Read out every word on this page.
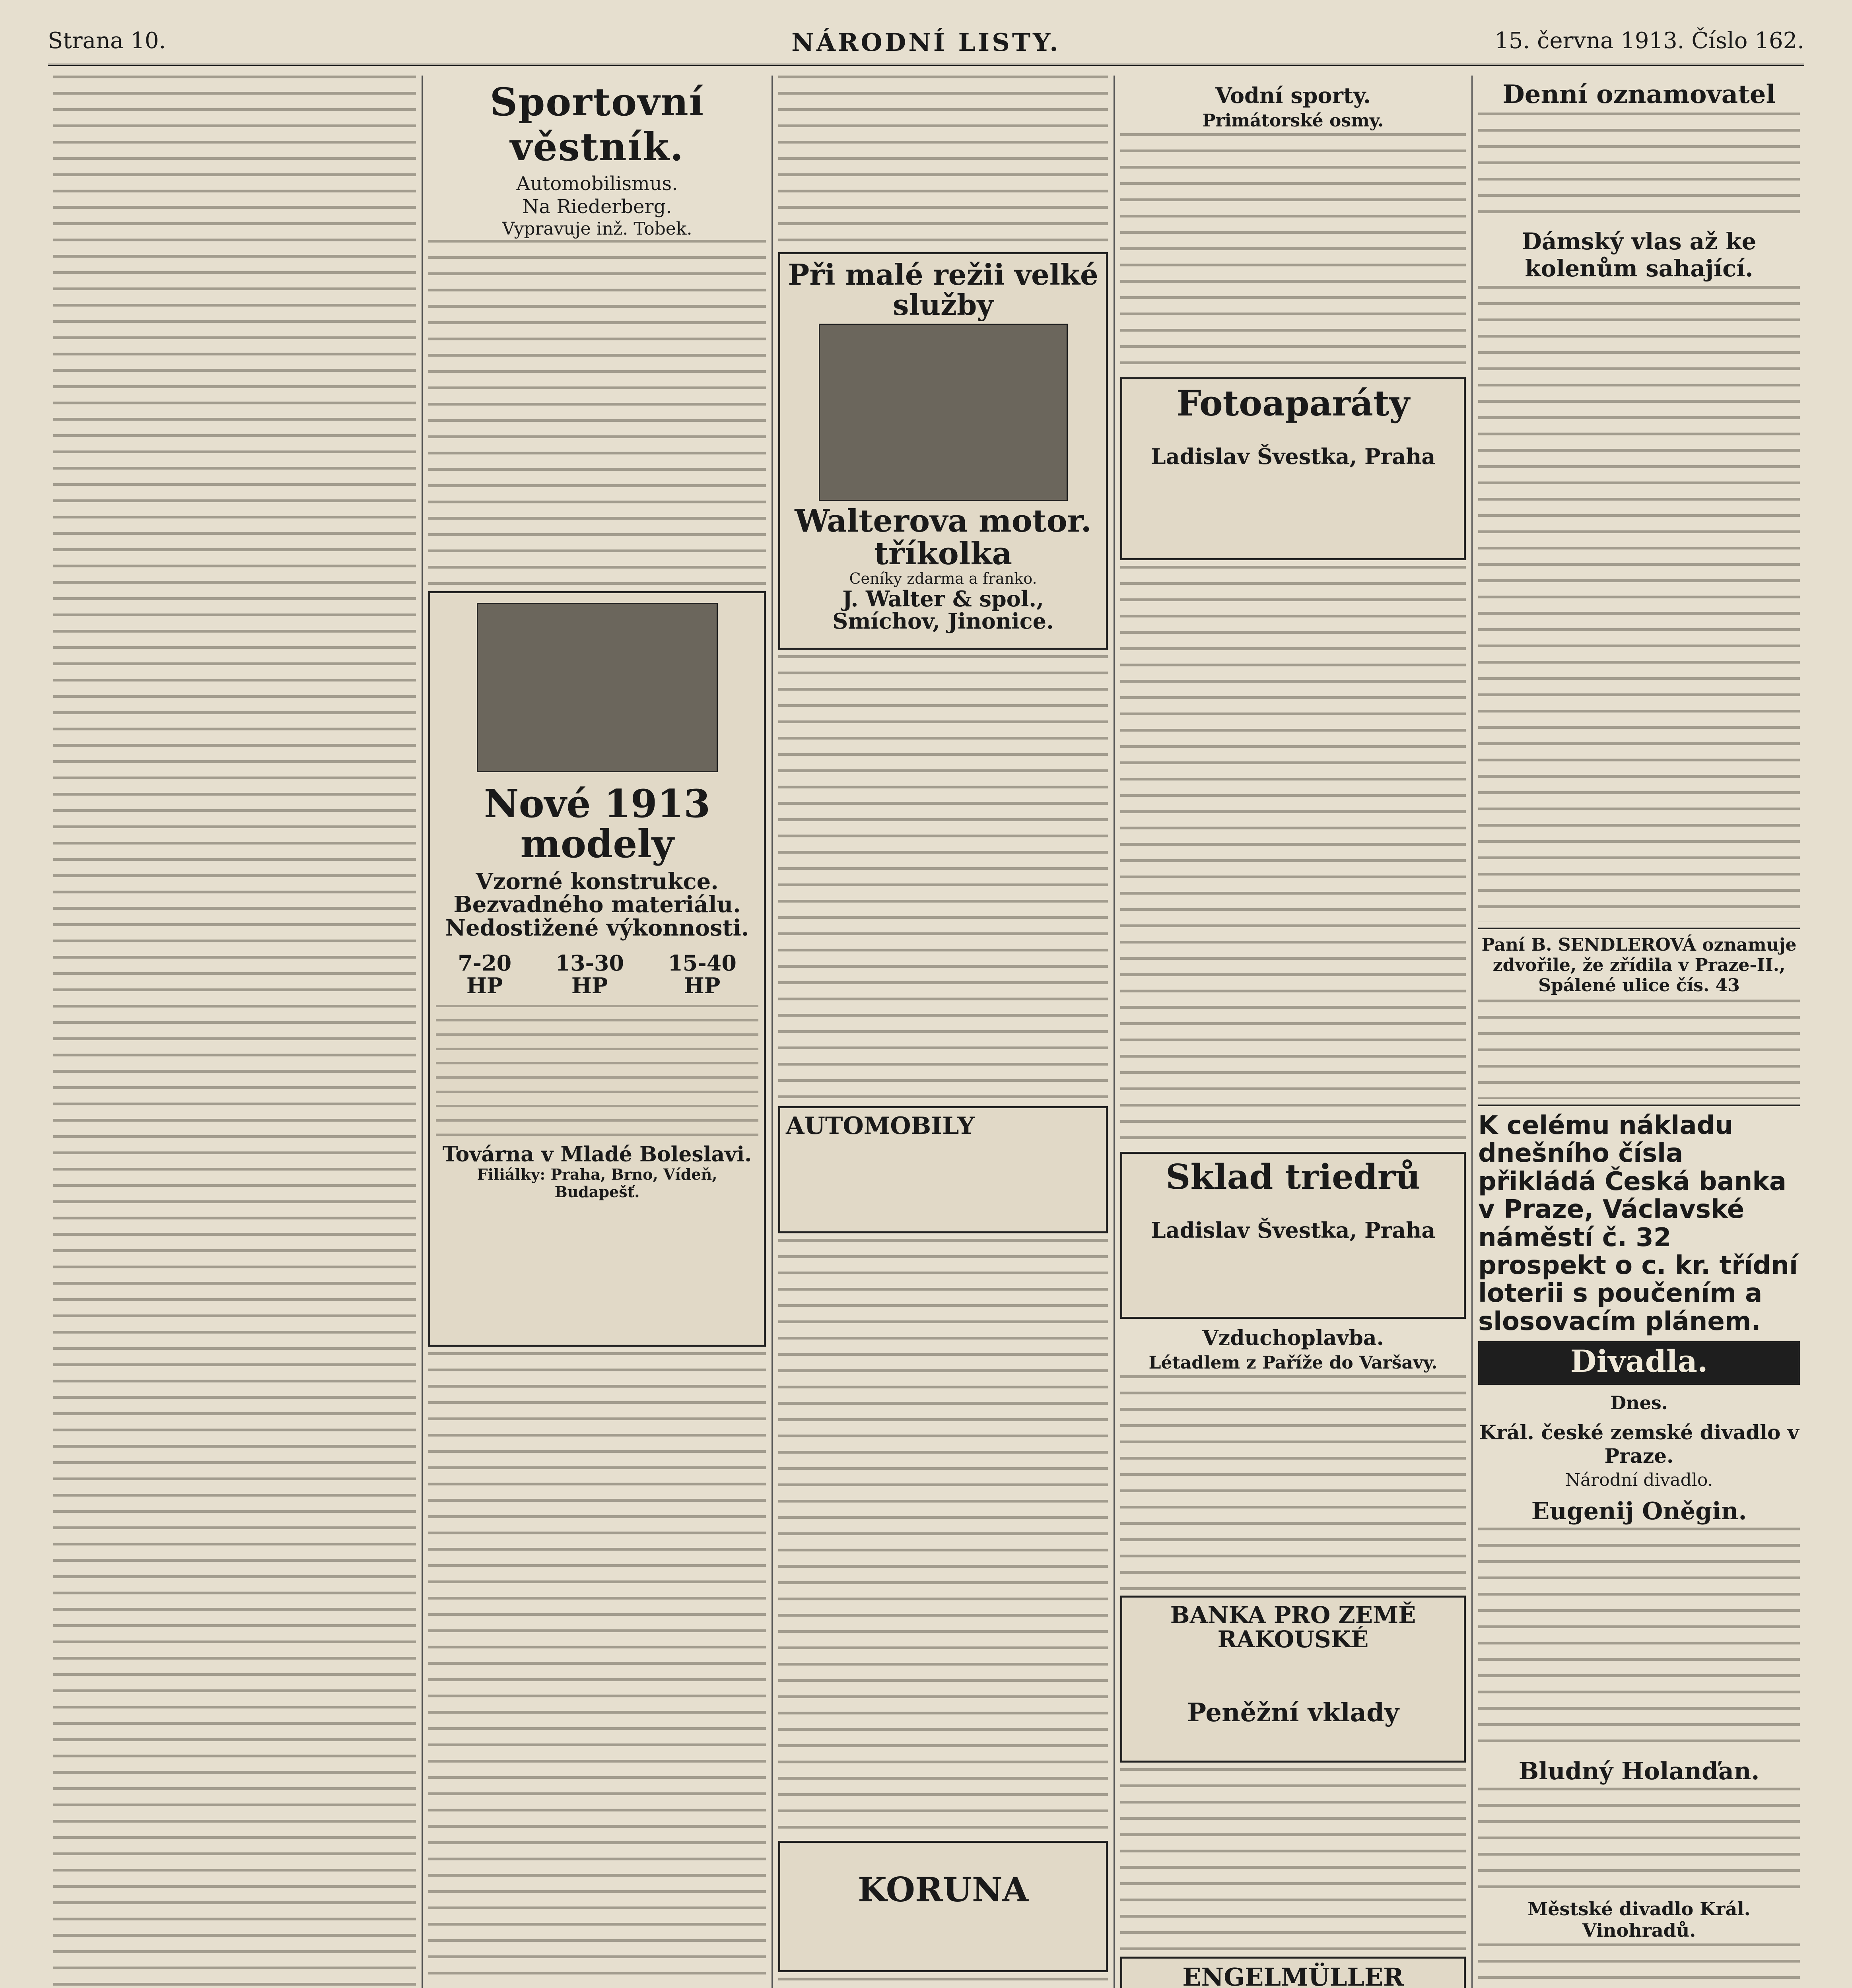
Strana 10.	NÁRODNÍ LISTY.	15. června 1913. Číslo 162.
Sportovní věstník.
Automobilismus.
Na Riederberg.
Vypravuje inž. Tobek.
Nové 1913 modely
Vzorné konstrukce.
Bezvadného materiálu.
Nedostižené výkonnosti.
7-20 HP
13-30 HP
15-40 HP
Továrna v Mladé Boleslavi.
Filiálky: Praha, Brno, Vídeň, Budapešť.
Při malé režii velké služby
Walterova motor. tříkolka
Ceníky zdarma a franko.
J. Walter & spol., Smíchov, Jinonice.
AUTOMOBILY
KORUNA
Vodní sporty.
Primátorské osmy.
Fotoaparáty
Ladislav Švestka, Praha
Sklad triedrů
Ladislav Švestka, Praha
Vzduchoplavba.
Létadlem z Paříže do Varšavy.
BANKA PRO ZEMĚ RAKOUSKÉ
Peněžní vklady
ENGELMÜLLER
Denní oznamovatel
Dámský vlas až ke kolenům sahající.
Paní B. SENDLEROVÁ oznamuje zdvořile, že zřídila v Praze-II., Spálené ulice čís. 43
K celému nákladu dnešního čísla přikládá Česká banka v Praze, Václavské náměstí č. 32 prospekt o c. kr. třídní loterii s poučením a slosovacím plánem.
Divadla.
Dnes.
Král. české zemské divadlo v Praze.
Národní divadlo.
Eugenij Oněgin.
Bludný Holanďan.
Městské divadlo Král. Vinohradů.
